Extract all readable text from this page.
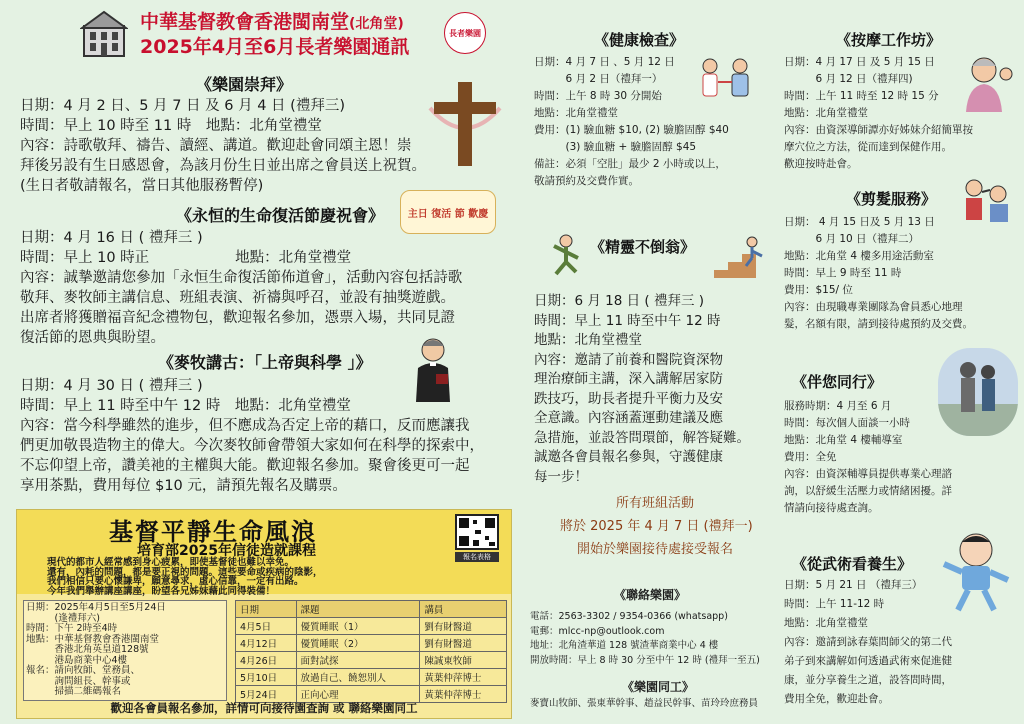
中華基督教會香港閩南堂(北角堂)
2025年4月至6月長者樂園通訊
長者樂園
《樂園崇拜》

日期：4 月 2 日、5 月 7 日 及 6 月 4 日 (禮拜三)

時間：早上 10 時至 11 時　地點：北角堂禮堂

內容：詩歌敬拜、禱告、讀經、講道。歡迎赴會同頌主恩！崇

拜後另設有生日感恩會，為該月份生日並出席之會員送上祝賀。

(生日者敬請報名，當日其他服務暫停)

《永恒的生命復活節慶祝會》 主日 復活 節 歡慶

日期：4 月 16 日 ( 禮拜三 )

時間：早上 10 時正	地點：北角堂禮堂

內容：誠摯邀請您參加「永恒生命復活節佈道會」，活動內容包括詩歌

敬拜、麥牧師主講信息、班組表演、祈禱與呼召，並設有抽獎遊戲。

出席者將獲贈福音紀念禮物包，歡迎報名參加，憑票入場，共同見證

復活節的恩典與盼望。

《麥牧講古：「上帝與科學 」》

日期：4 月 30 日 ( 禮拜三 )

時間：早上 11 時至中午 12 時　地點：北角堂禮堂

內容：當今科學雖然的進步，但不應成為否定上帝的藉口，反而應讓我

們更加敬畏造物主的偉大。今次麥牧師會帶領大家如何在科學的探索中，

不忘仰望上帝，讚美祂的主權與大能。歡迎報名參加。聚會後更可一起

享用茶點，費用每位 $10 元，請預先報名及購票。

基督平靜生命風浪
培育部2025年信徒造就課程	報名表格

現代的都市人經常感到身心疲累，即使基督徒也難以幸免。

還有，內耗的問題，都是要正視的問題。這些要命或疾病的陰影，

我們相信只要心懷謙卑，願意尋求，虛心信靠，一定有出路。

今年我們舉辦講座講座，盼望各兄姊妹藉此同得裝備！

日期：2025年4月5日至5月24日

　　　(逢禮拜六)

時間：下午 2時至4時

地點：中華基督教會香港閩南堂

　　　香港北角英皇道128號

　　　港島商業中心4樓

報名：請向牧師、堂務員、

　　　詢問組長、幹事或

　　　掃描二維碼報名

日期	課題	講員
4月5日	優質睡眠（1）	劉有財醫道
4月12日	優質睡眠（2）	劉有財醫道
4月26日	面對試探	陳誠東牧師
5月10日	放過自己、饒恕別人	黃葉仲萍博士
5月24日	正向心理	黃葉仲萍博士
歡迎各會員報名參加，詳情可向接待園查詢 或 聯絡樂園同工
《健康檢查》

日期：4 月 7 日 、5 月 12 日

　　　6 月 2 日（禮拜一）

時間：上午 8 時 30 分開始

地點：北角堂禮堂

費用：(1) 驗血糖 $10, (2) 驗膽固醇 $40

　　　(3) 驗血糖 + 驗膽固醇 $45

備註：必須「空肚」最少 2 小時或以上，

敬請預約及交費作實。

《精靈不倒翁》

日期：6 月 18 日 ( 禮拜三 )

時間：早上 11 時至中午 12 時

地點：北角堂禮堂

內容：邀請了前養和醫院資深物

理治療師主講，深入講解居家防

跌技巧，助長者提升平衡力及安

全意識。內容涵蓋運動建議及應

急措施，並設答問環節，解答疑難。

誠邀各會員報名參與，守護健康

每一步！

所有班組活動

將於 2025 年 4 月 7 日 (禮拜一)

開始於樂園接待處接受報名

《聯絡樂園》

電話：2563-3302 / 9354-0366 (whatsapp)

電郵：mlcc-np@outlook.com

地址：北角渣華道 128 號渣華商業中心 4 樓

開放時間：早上 8 時 30 分至中午 12 時 (禮拜一至五)

《樂園同工》
麥寶山牧師、張東華幹事、趙益民幹事、苗玲玲庶務員
《按摩工作坊》

日期：4 月 17 日 及 5 月 15 日

　　　6 月 12 日（禮拜四)

時間：上午 11 時至 12 時 15 分

地點：北角堂禮堂

內容：由資深導師譚亦好姊妹介紹簡單按

摩穴位之方法，從而達到保健作用。

歡迎按時赴會。

《剪髮服務》

日期： 4 月 15 日及 5 月 13 日

　　　6 月 10 日（禮拜二）

地點：北角堂 4 樓多用途活動室

時間：早上 9 時至 11 時

費用：$15/ 位

內容：由現職專業團隊為會員悉心地理

髮，名額有限，請到接待處預約及交費。

《伴您同行》

服務時期：4 月至 6 月

時間：每次個人面談一小時

地點：北角堂 4 樓輔導室

費用：全免

內容：由資深輔導員提供專業心理諮

詢，以舒緩生活壓力或情緒困擾。詳

情請向接待處查詢。

《從武術看養生》

日期：5 月 21 日 （禮拜三）

時間：上午 11-12 時

地點：北角堂禮堂

內容：邀請到詠春葉問師父的第二代

弟子到來講解如何透過武術來促進健

康，並分享養生之道，設答問時間，

費用全免，歡迎赴會。
